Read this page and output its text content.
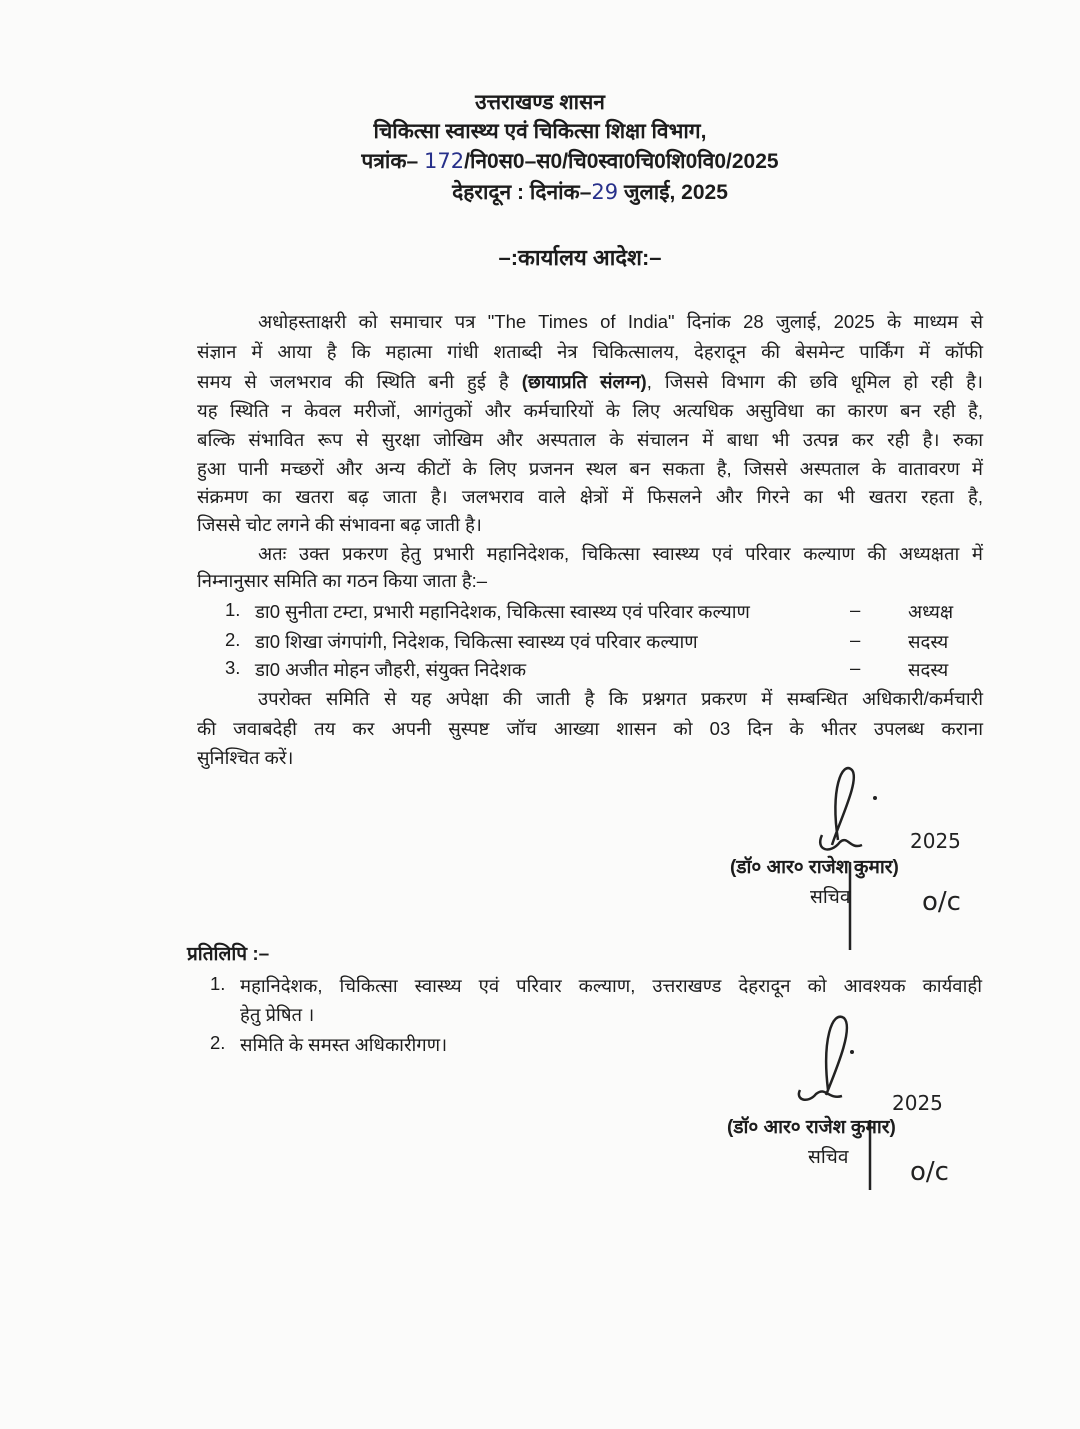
उत्तराखण्ड शासन
चिकित्सा स्वास्थ्य एवं चिकित्सा शिक्षा विभाग,
पत्रांक– 172/नि0स0–स0/चि0स्वा0चि0शि0वि0/2025
देहरादून : दिनांक–29 जुलाई, 2025
–:कार्यालय आदेश:–
अधोहस्ताक्षरी को समाचार पत्र "The Times of India" दिनांक 28 जुलाई, 2025 के माध्यम से
संज्ञान में आया है कि महात्मा गांधी शताब्दी नेत्र चिकित्सालय, देहरादून की बेसमेन्ट पार्किंग में कॉफी
समय से जलभराव की स्थिति बनी हुई है (छायाप्रति संलग्न), जिससे विभाग की छवि धूमिल हो रही है।
यह स्थिति न केवल मरीजों, आगंतुकों और कर्मचारियों के लिए अत्यधिक असुविधा का कारण बन रही है,
बल्कि संभावित रूप से सुरक्षा जोखिम और अस्पताल के संचालन में बाधा भी उत्पन्न कर रही है। रुका
हुआ पानी मच्छरों और अन्य कीटों के लिए प्रजनन स्थल बन सकता है, जिससे अस्पताल के वातावरण में
संक्रमण का खतरा बढ़ जाता है। जलभराव वाले क्षेत्रों में फिसलने और गिरने का भी खतरा रहता है,
जिससे चोट लगने की संभावना बढ़ जाती है।
अतः उक्त प्रकरण हेतु प्रभारी महानिदेशक, चिकित्सा स्वास्थ्य एवं परिवार कल्याण की अध्यक्षता में
निम्नानुसार समिति का गठन किया जाता है:–
1. डा0 सुनीता टम्टा, प्रभारी महानिदेशक, चिकित्सा स्वास्थ्य एवं परिवार कल्याण	–	अध्यक्ष
2. डा0 शिखा जंगपांगी, निदेशक, चिकित्सा स्वास्थ्य एवं परिवार कल्याण	–	सदस्य
3. डा0 अजीत मोहन जौहरी, संयुक्त निदेशक	–	सदस्य
उपरोक्त समिति से यह अपेक्षा की जाती है कि प्रश्नगत प्रकरण में सम्बन्धित अधिकारी/कर्मचारी
की जवाबदेही तय कर अपनी सुस्पष्ट जॉच आख्या शासन को 03 दिन के भीतर उपलब्ध कराना
सुनिश्चित करें।
2025
o/c
(डॉ० आर० राजेश कुमार)
सचिव
प्रतिलिपि :–
1. महानिदेशक, चिकित्सा स्वास्थ्य एवं परिवार कल्याण, उत्तराखण्ड देहरादून को आवश्यक कार्यवाही
हेतु प्रेषित ।
2. समिति के समस्त अधिकारीगण।
2025
o/c
(डॉ० आर० राजेश कुमार)
सचिव
